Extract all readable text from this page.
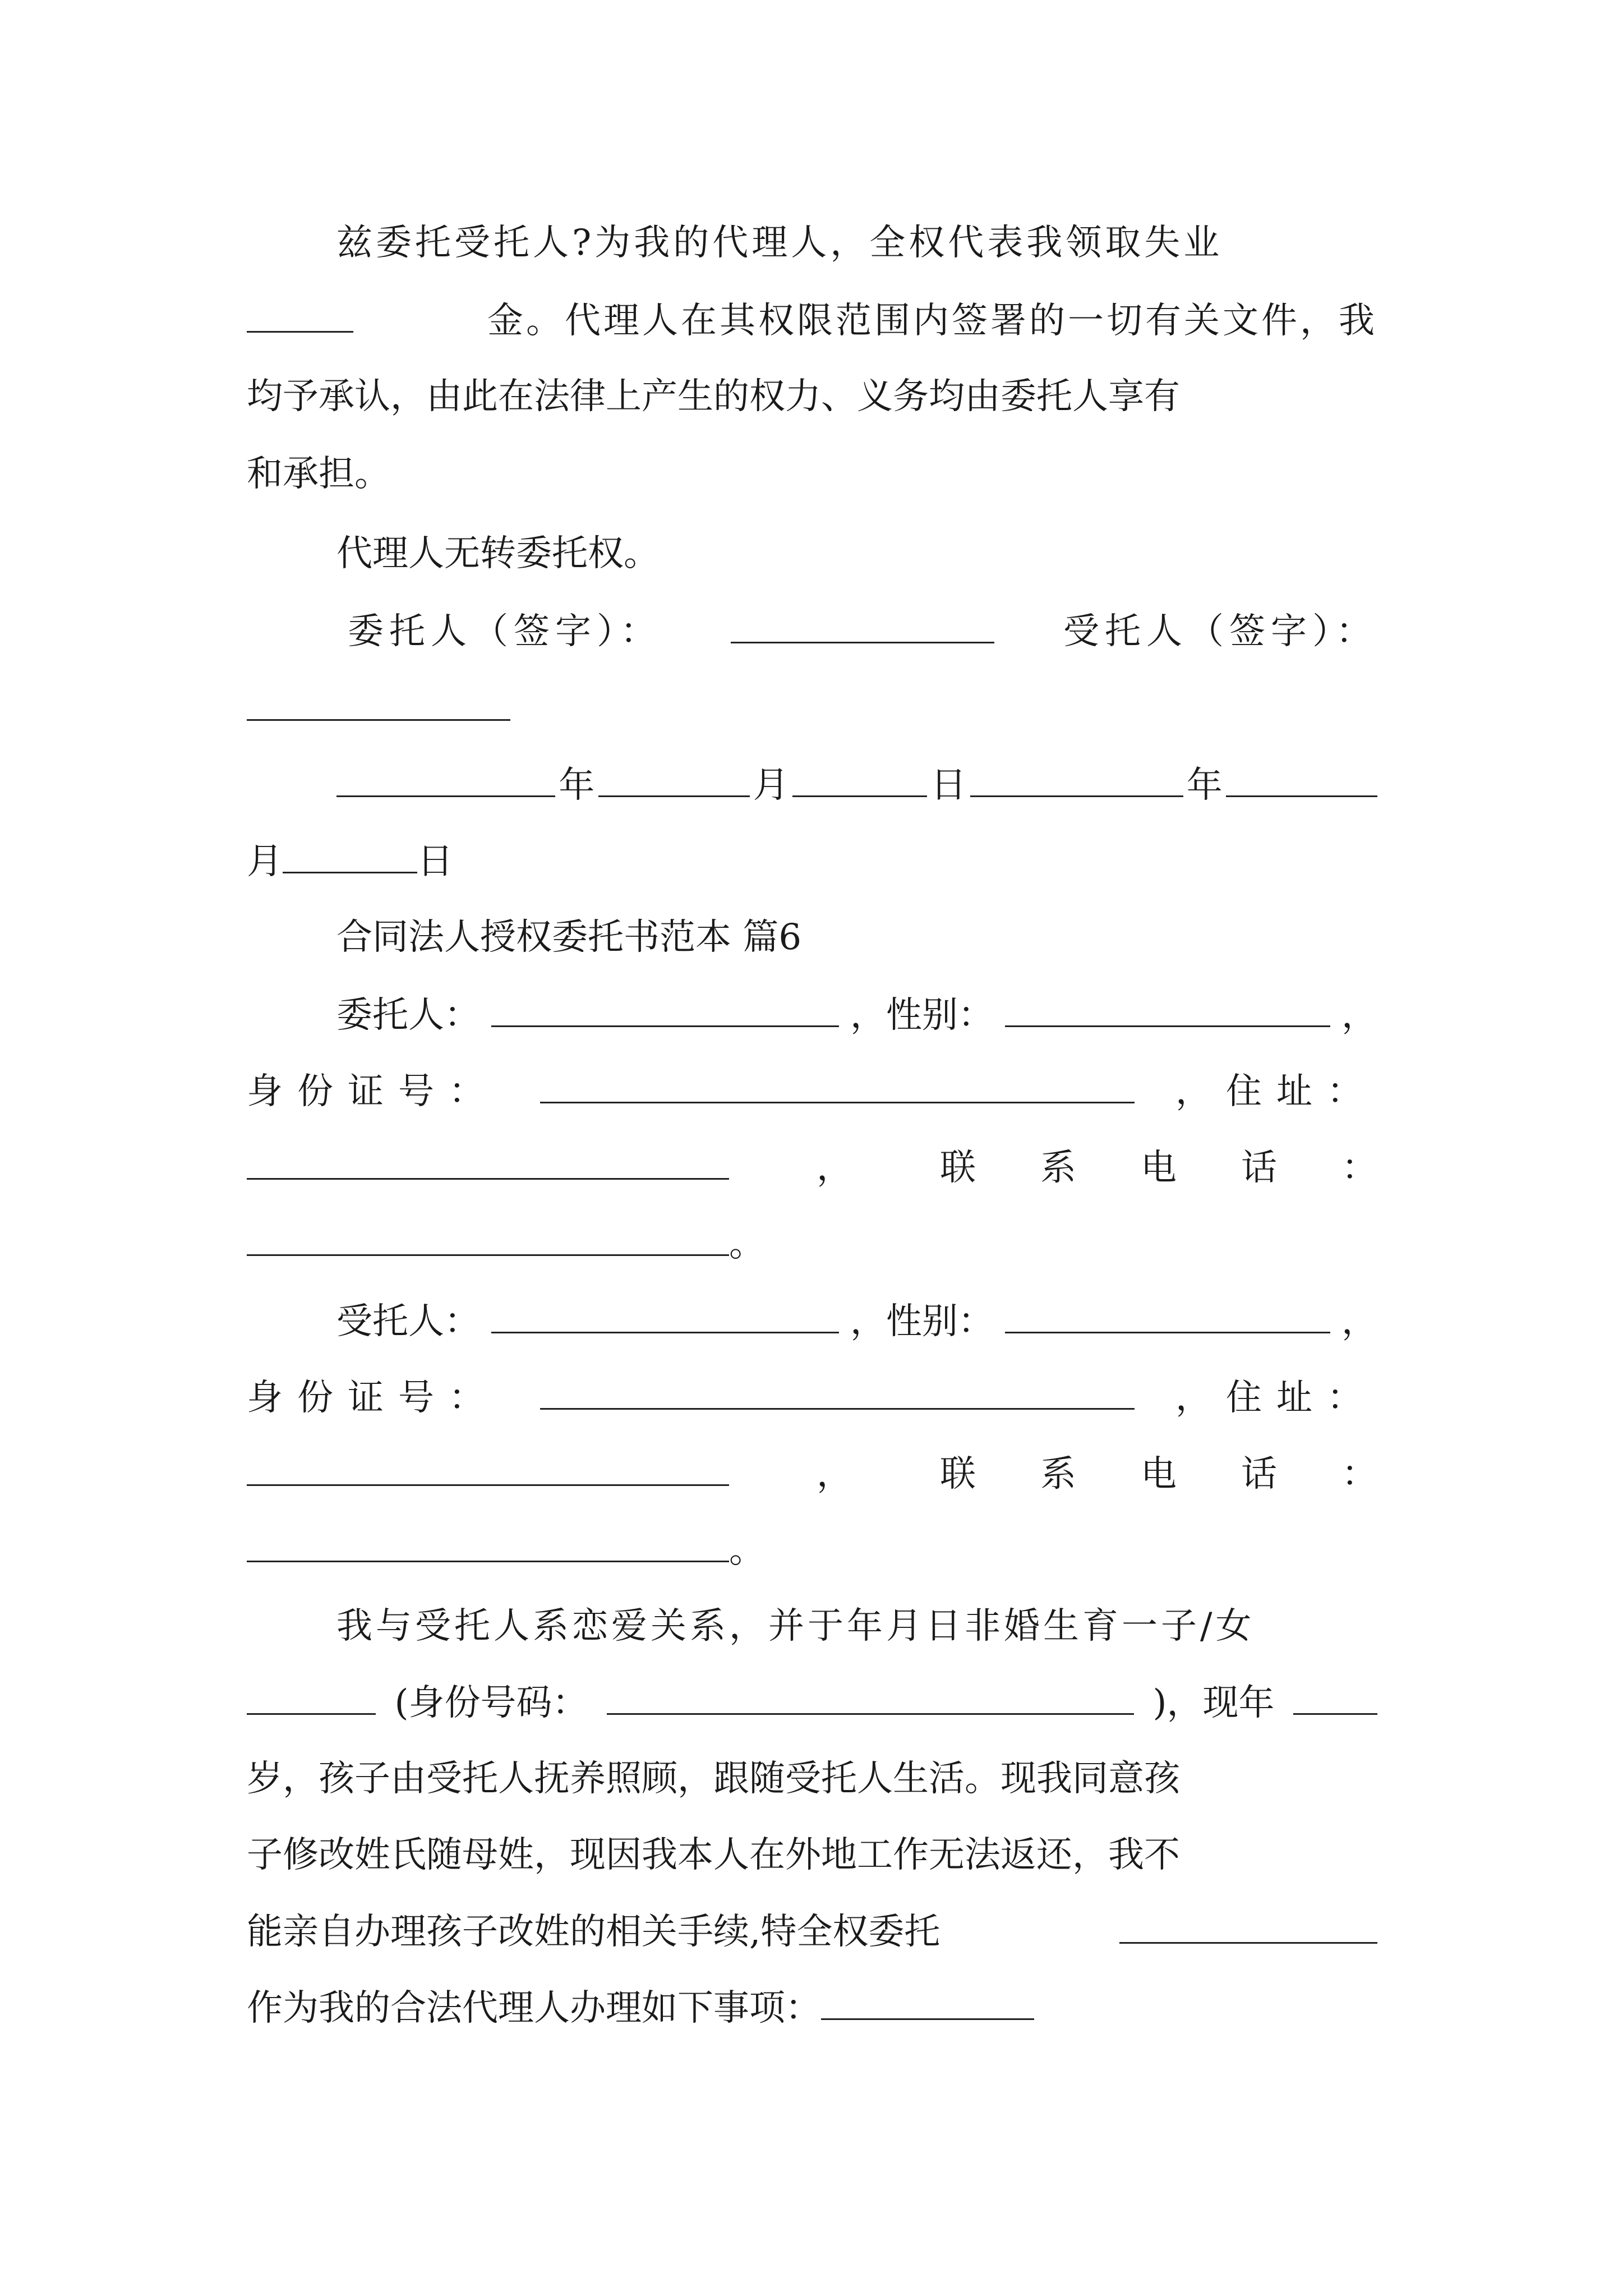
兹委托受托人?为我的代理人，全权代表我领取失业
金。代理人在其权限范围内签署的一切有关文件，我
均予承认，由此在法律上产生的权力、义务均由委托人享有
和承担。
代理人无转委托权。
委托人（签字）：	受托人（签字）：
年	月	日	年
月	日
合同法人授权委托书范本 篇6
委托人：	，性别：	，
身份证号：	，住址：
， 联系电话：
。
受托人：	，性别：	，
身份证号：	，住址：
， 联系电话：
。
我与受托人系恋爱关系，并于年月日非婚生育一子/女
(身份号码：	)，现年
岁，孩子由受托人抚养照顾，跟随受托人生活。现我同意孩
子修改姓氏随母姓，现因我本人在外地工作无法返还，我不
能亲自办理孩子改姓的相关手续,特全权委托
作为我的合法代理人办理如下事项：
